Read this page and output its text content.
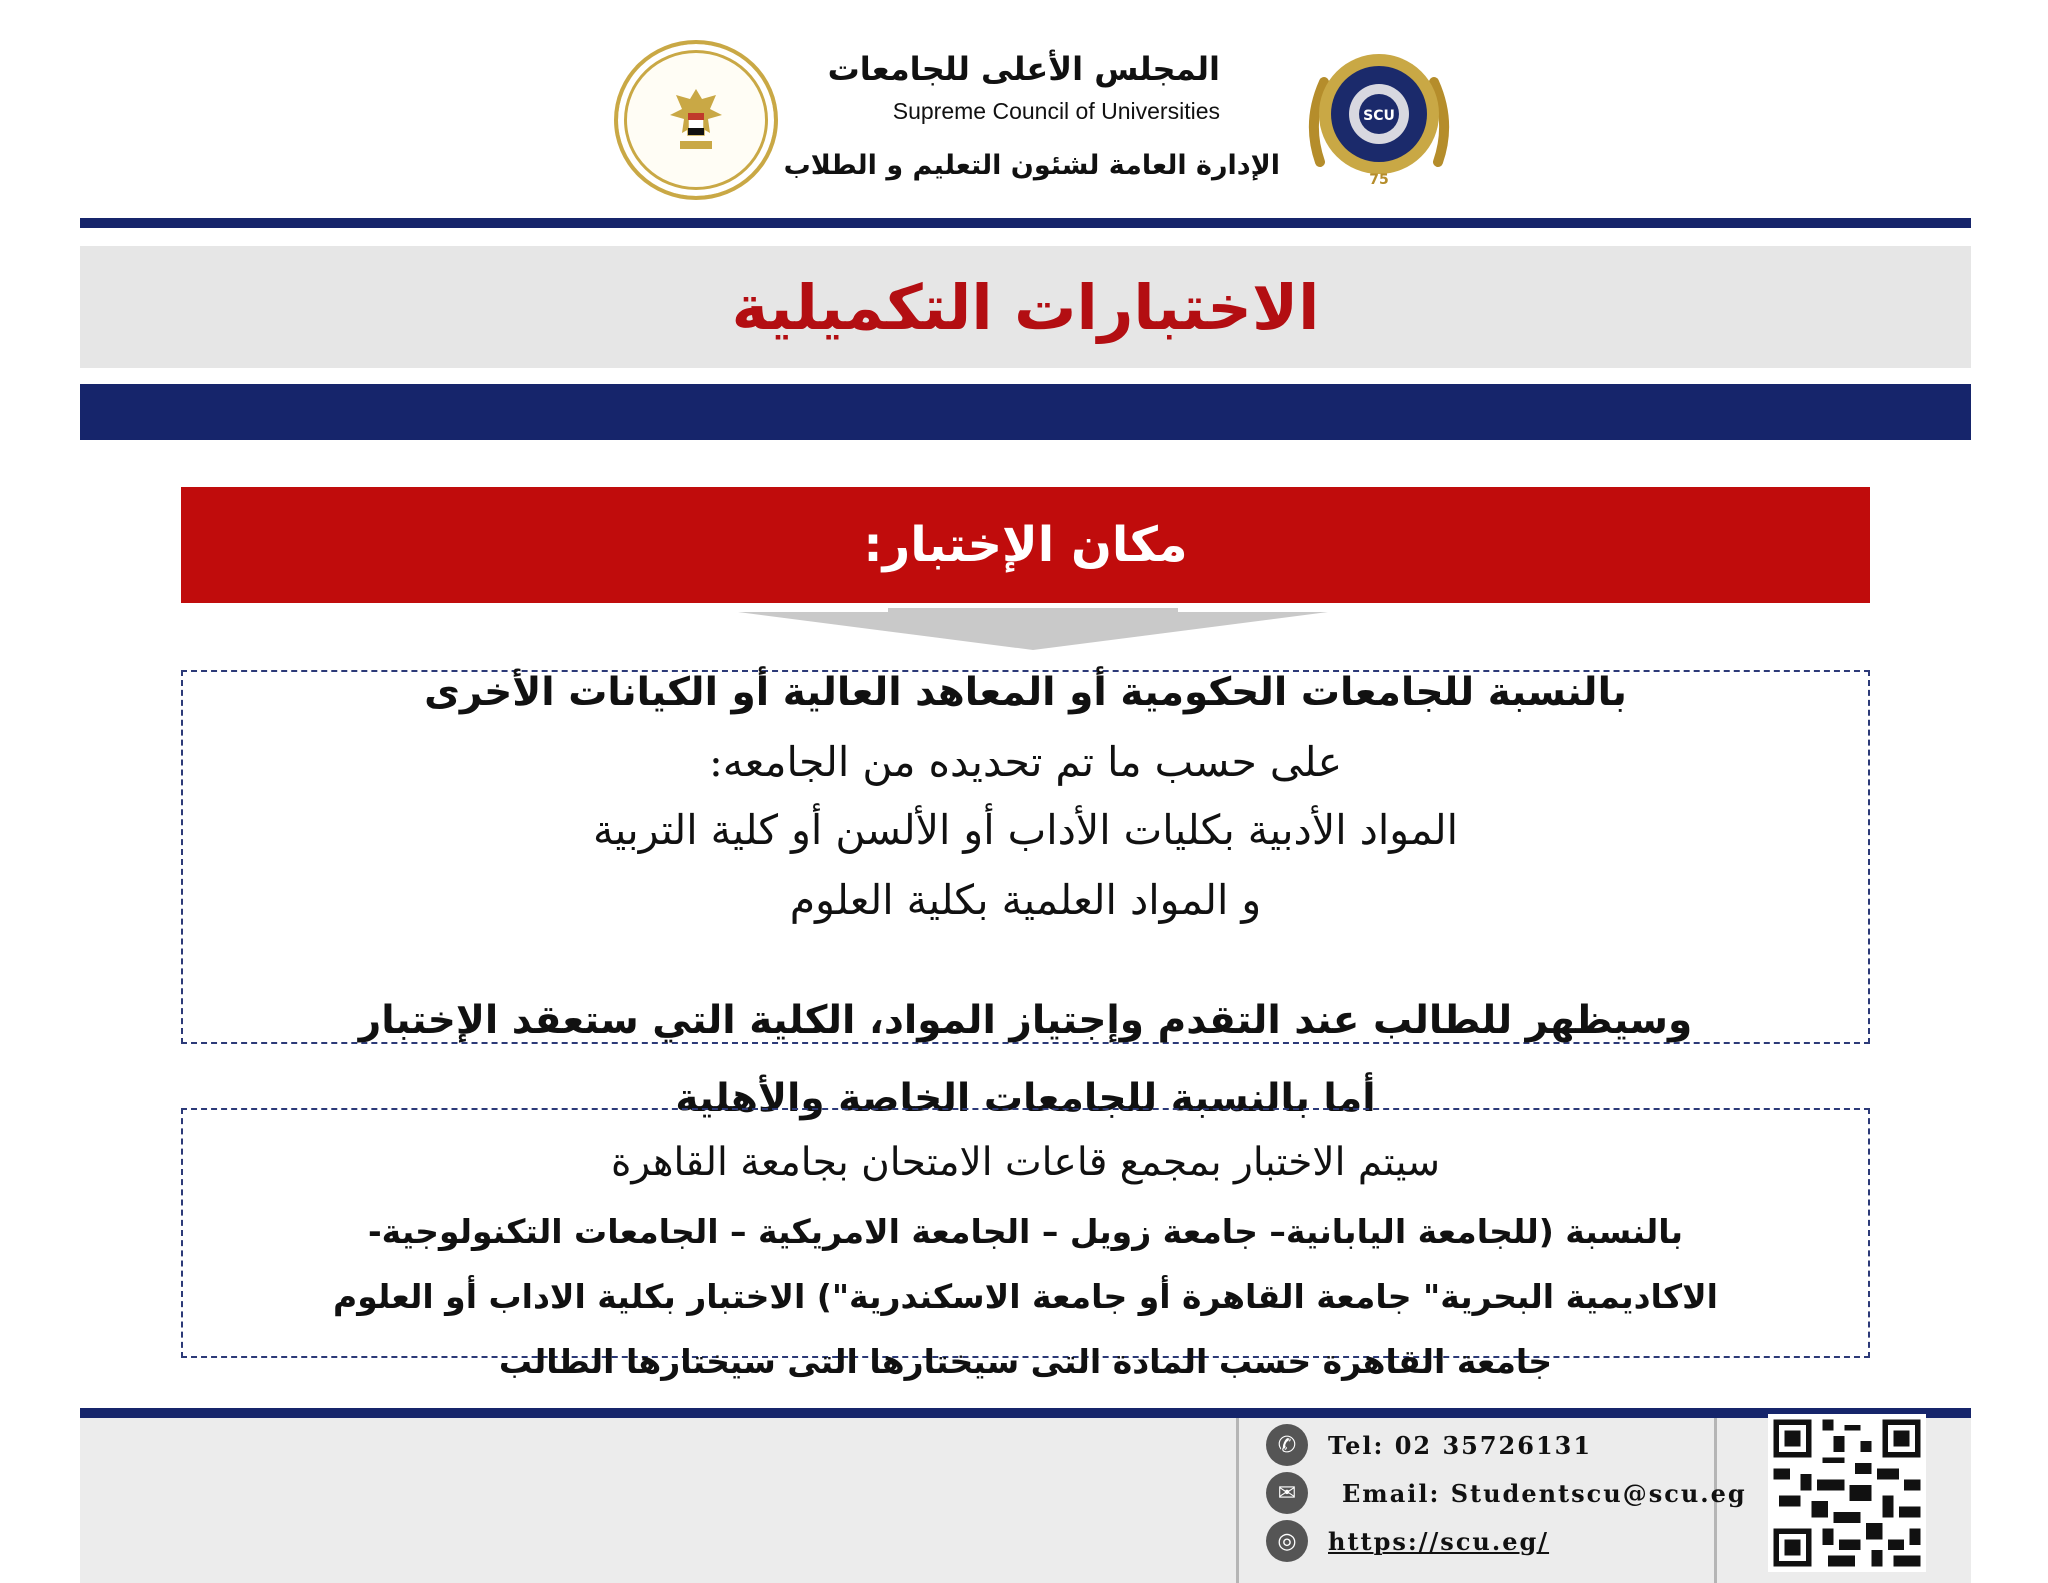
SCU
75
المجلس الأعلى للجامعات
Supreme Council of Universities
الإدارة العامة لشئون التعليم و الطلاب
الاختبارات التكميلية
مكان الإختبار:
بالنسبة للجامعات الحكومية أو المعاهد العالية أو الكيانات الأخرى
على حسب ما تم تحديده من الجامعه:
المواد الأدبية بكليات الأداب أو الألسن أو كلية التربية
و المواد العلمية بكلية العلوم
وسيظهر للطالب عند التقدم وإجتياز المواد، الكلية التي ستعقد الإختبار
أما بالنسبة للجامعات الخاصة والأهلية
سيتم الاختبار بمجمع قاعات الامتحان بجامعة القاهرة
بالنسبة (للجامعة اليابانية– جامعة زويل – الجامعة الامريكية – الجامعات التكنولوجية-
الاكاديمية البحرية" جامعة القاهرة أو جامعة الاسكندرية") الاختبار بكلية الاداب أو العلوم
جامعة القاهرة حسب المادة التى سيختارها التى سيختارها الطالب
✆	Tel: 02 35726131
✉	Email: Studentscu@scu.eg
◎	https://scu.eg/
